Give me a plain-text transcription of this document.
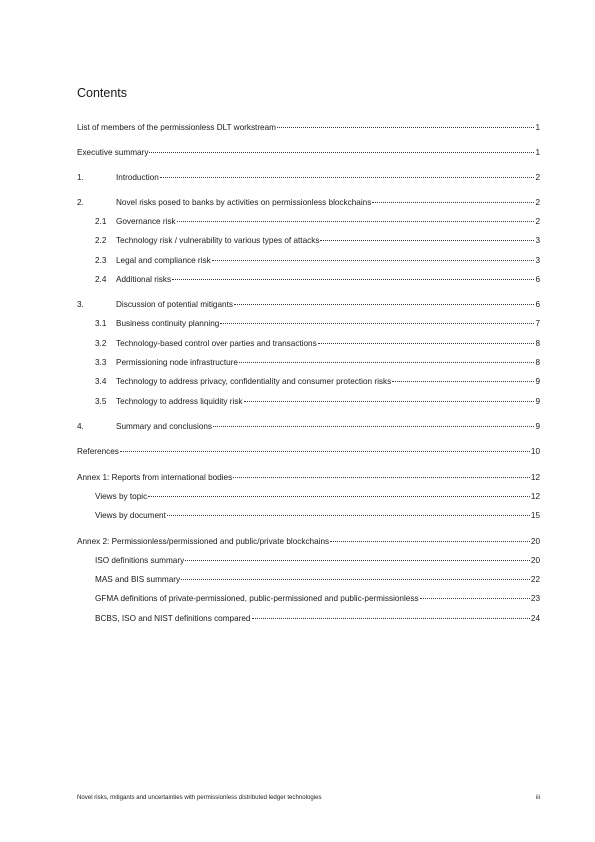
Contents
List of members of the permissionless DLT workstream	1
Executive summary	1
1.	Introduction	2
2.	Novel risks posed to banks by activities on permissionless blockchains	2
2.1	Governance risk	2
2.2	Technology risk / vulnerability to various types of attacks	3
2.3	Legal and compliance risk	3
2.4	Additional risks	6
3.	Discussion of potential mitigants	6
3.1	Business continuity planning	7
3.2	Technology-based control over parties and transactions	8
3.3	Permissioning node infrastructure	8
3.4	Technology to address privacy, confidentiality and consumer protection risks	9
3.5	Technology to address liquidity risk	9
4.	Summary and conclusions	9
References	10
Annex 1: Reports from international bodies	12
Views by topic	12
Views by document	15
Annex 2: Permissionless/permissioned and public/private blockchains	20
ISO definitions summary	20
MAS and BIS summary	22
GFMA definitions of private-permissioned, public-permissioned and public-permissionless	23
BCBS, ISO and NIST definitions compared	24
Novel risks, mitigants and uncertainties with permissionless distributed ledger technologies	iii
